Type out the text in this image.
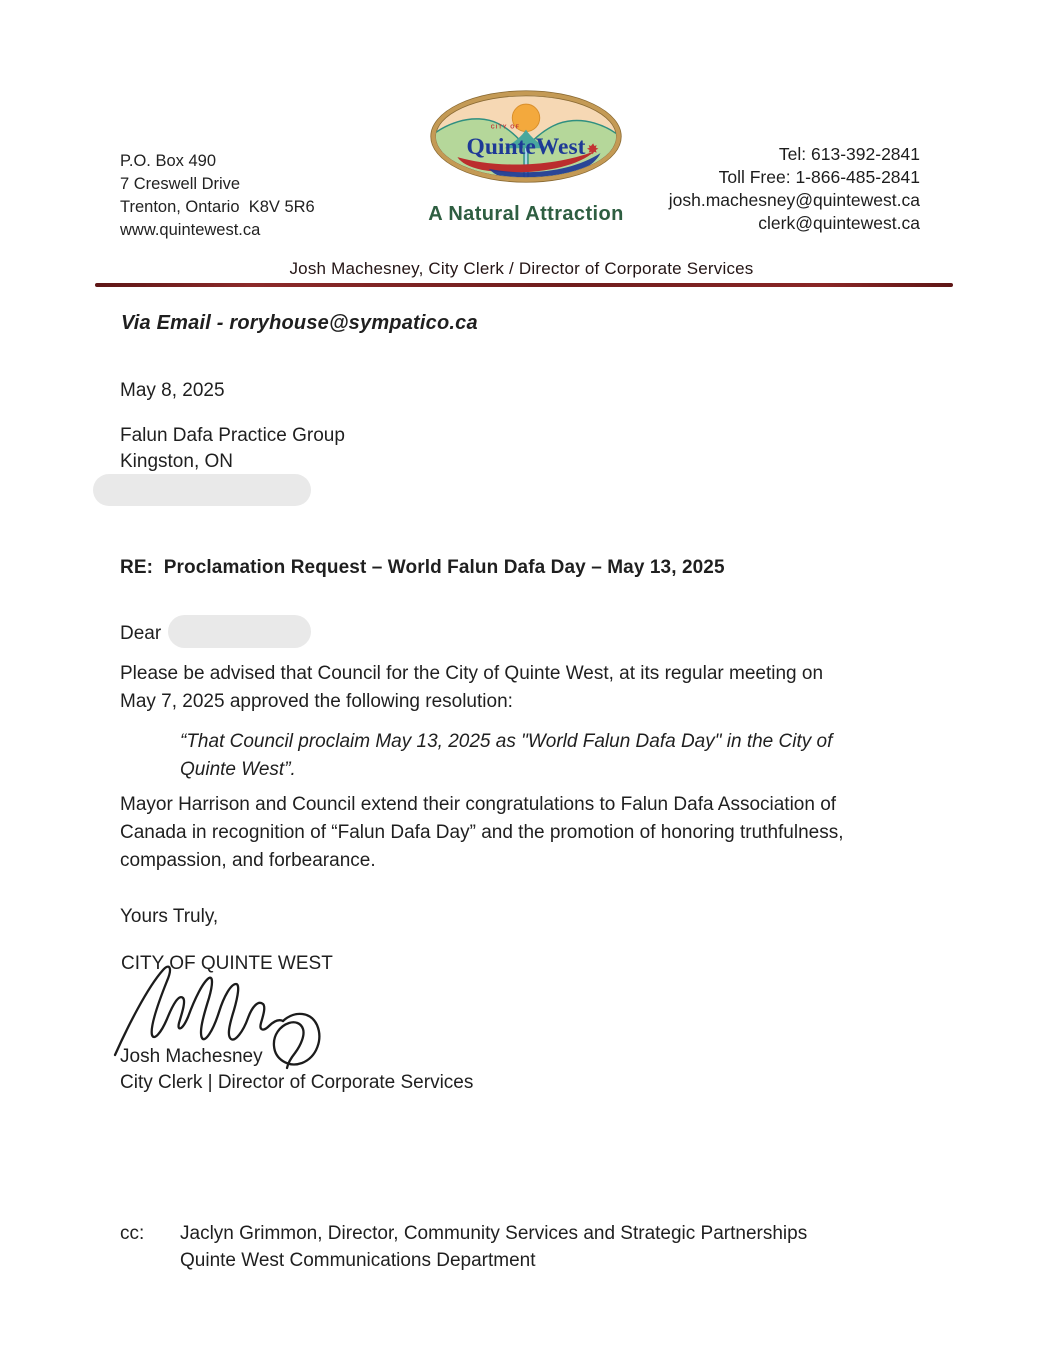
P.O. Box 490
7 Creswell Drive
Trenton, Ontario  K8V 5R6
www.quintewest.ca
CITY OF
QuinteWest
A Natural Attraction
Tel: 613-392-2841
Toll Free: 1-866-485-2841
josh.machesney@quintewest.ca
clerk@quintewest.ca
Josh Machesney, City Clerk / Director of Corporate Services
Via Email - roryhouse@sympatico.ca
May 8, 2025
Falun Dafa Practice Group
Kingston, ON
RE:  Proclamation Request – World Falun Dafa Day – May 13, 2025
Dear
Please be advised that Council for the City of Quinte West, at its regular meeting on
May 7, 2025 approved the following resolution:
“That Council proclaim May 13, 2025 as "World Falun Dafa Day" in the City of
Quinte West”.
Mayor Harrison and Council extend their congratulations to Falun Dafa Association of
Canada in recognition of “Falun Dafa Day” and the promotion of honoring truthfulness,
compassion, and forbearance.
Yours Truly,
CITY OF QUINTE WEST
Josh Machesney
City Clerk | Director of Corporate Services
cc: Jaclyn Grimmon, Director, Community Services and Strategic Partnerships
Quinte West Communications Department
